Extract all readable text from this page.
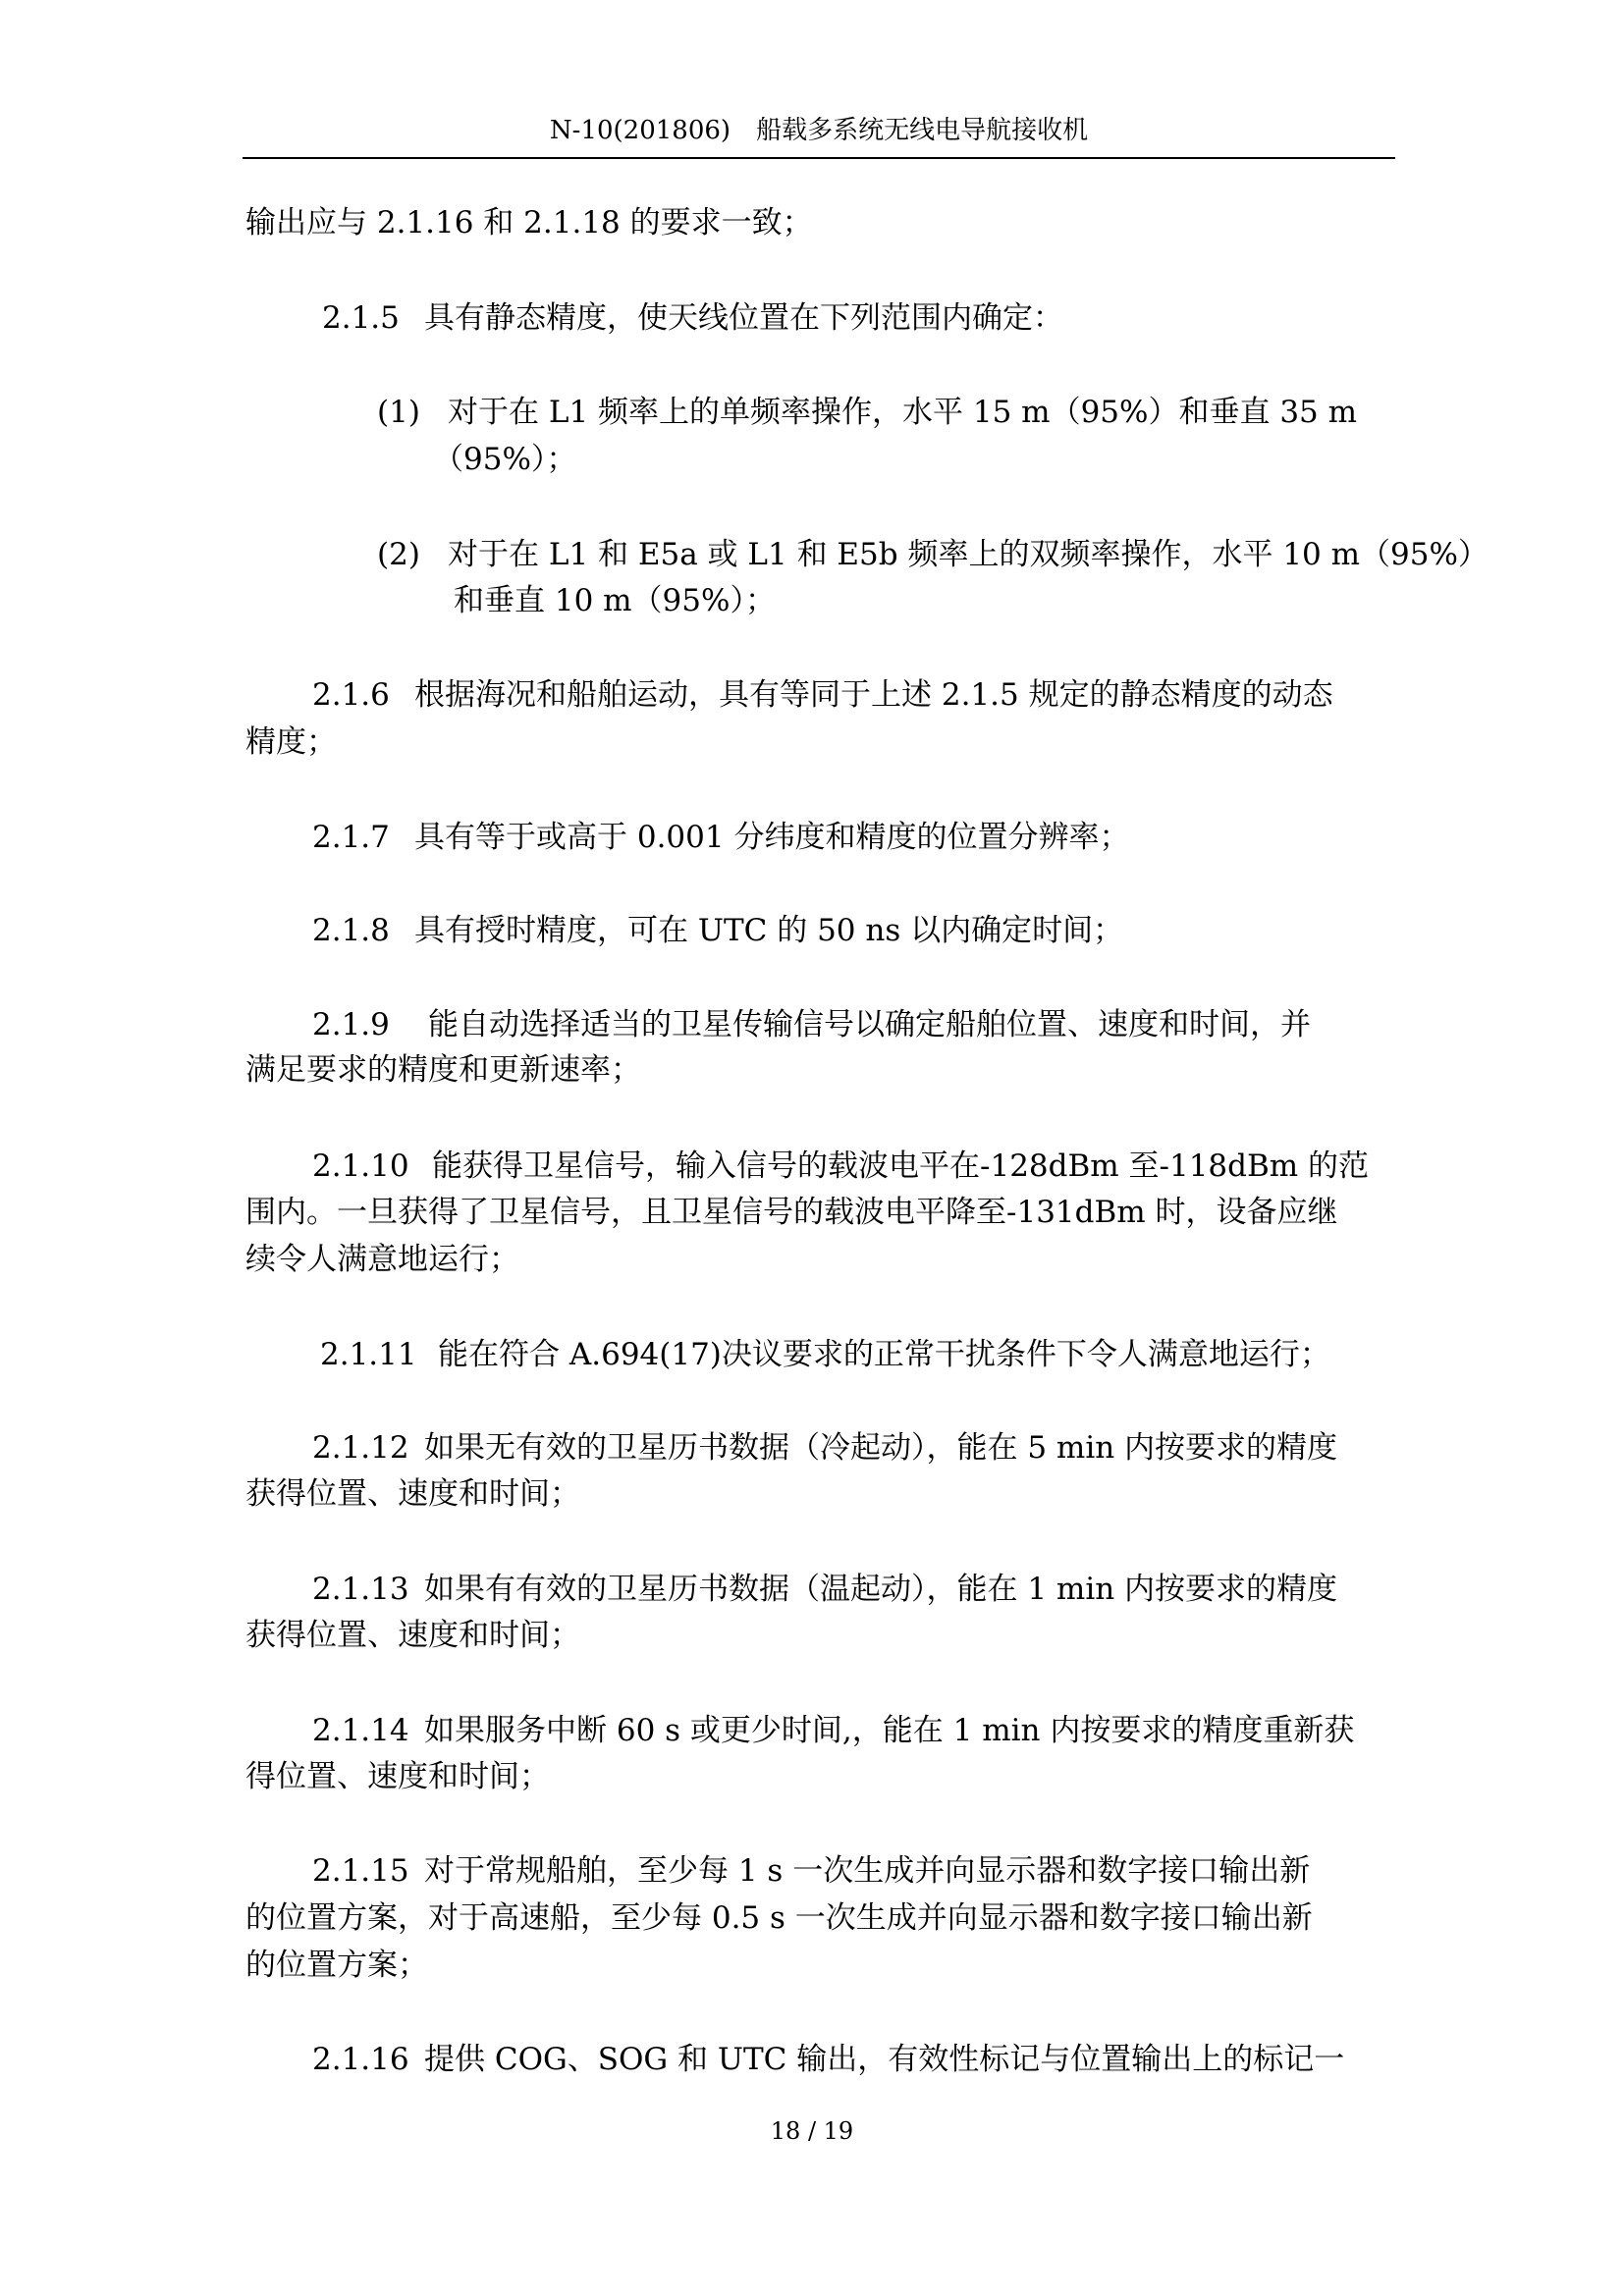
N-10(201806)　船载多系统无线电导航接收机
输出应与 2.1.16 和 2.1.18 的要求一致；
2.1.5 具有静态精度，使天线位置在下列范围内确定：
(1) 对于在 L1 频率上的单频率操作，水平 15 m（95%）和垂直 35 m
（95%）；
(2) 对于在 L1 和 E5a 或 L1 和 E5b 频率上的双频率操作，水平 10 m（95%）
和垂直 10 m（95%）；
2.1.6 根据海况和船舶运动，具有等同于上述 2.1.5 规定的静态精度的动态
精度；
2.1.7 具有等于或高于 0.001 分纬度和精度的位置分辨率；
2.1.8 具有授时精度，可在 UTC 的 50 ns 以内确定时间；
2.1.9 能自动选择适当的卫星传输信号以确定船舶位置、速度和时间，并
满足要求的精度和更新速率；
2.1.10 能获得卫星信号，输入信号的载波电平在-128dBm 至-118dBm 的范
围内。一旦获得了卫星信号，且卫星信号的载波电平降至-131dBm 时，设备应继
续令人满意地运行；
2.1.11 能在符合 A.694(17)决议要求的正常干扰条件下令人满意地运行；
2.1.12 如果无有效的卫星历书数据（冷起动），能在 5 min 内按要求的精度
获得位置、速度和时间；
2.1.13 如果有有效的卫星历书数据（温起动），能在 1 min 内按要求的精度
获得位置、速度和时间；
2.1.14 如果服务中断 60 s 或更少时间,，能在 1 min 内按要求的精度重新获
得位置、速度和时间；
2.1.15 对于常规船舶，至少每 1 s 一次生成并向显示器和数字接口输出新
的位置方案，对于高速船，至少每 0.5 s 一次生成并向显示器和数字接口输出新
的位置方案；
2.1.16 提供 COG、SOG 和 UTC 输出，有效性标记与位置输出上的标记一
18 / 19
